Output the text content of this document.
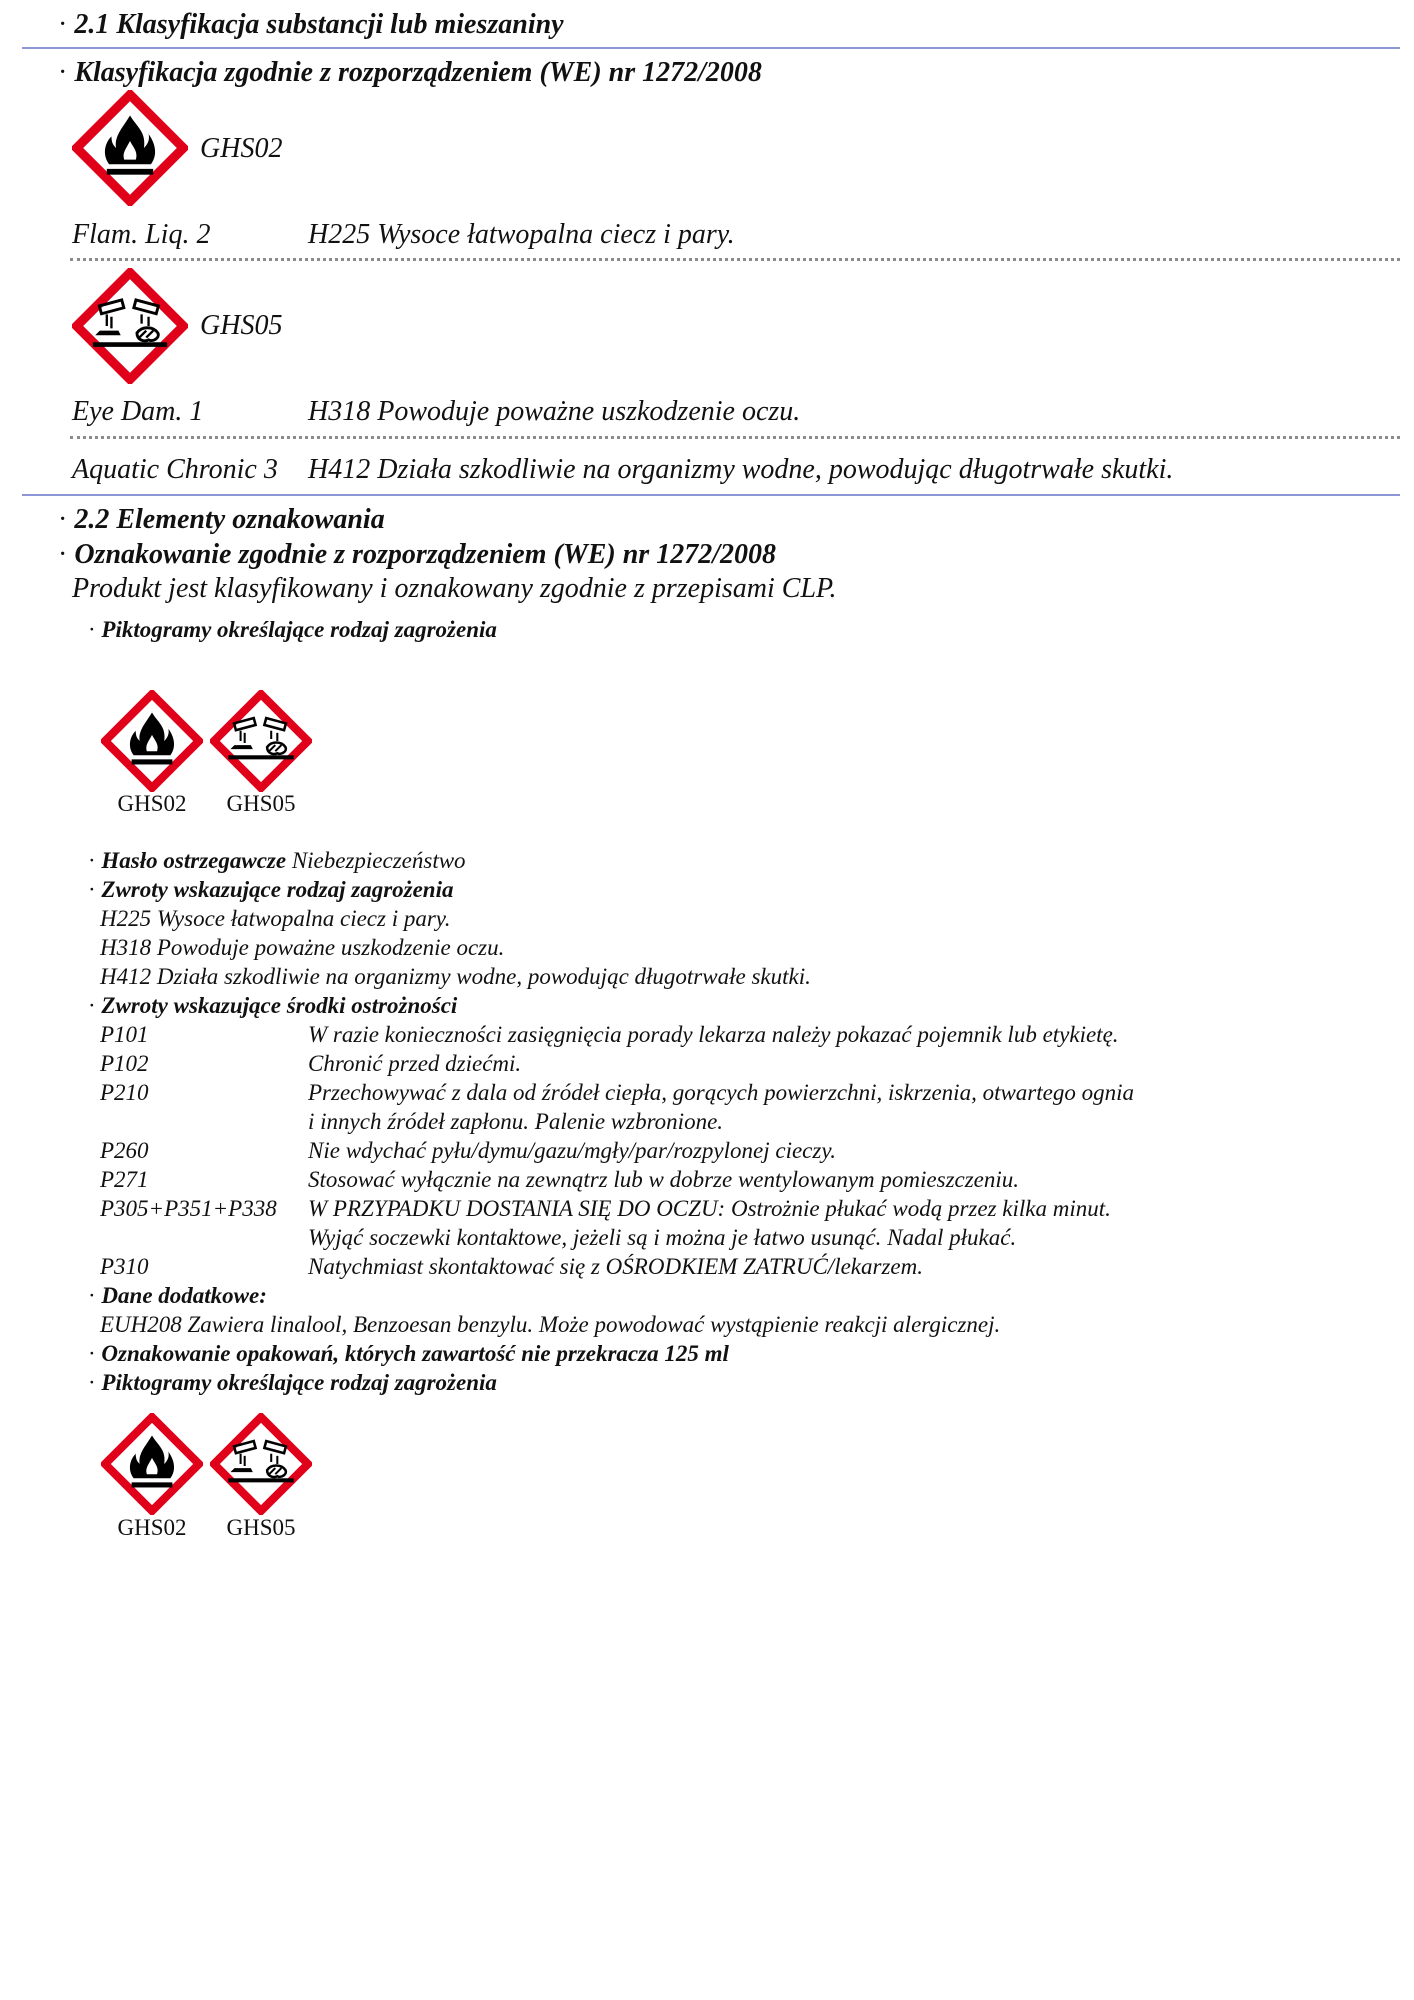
· 2.1 Klasyfikacja substancji lub mieszaniny
· Klasyfikacja zgodnie z rozporządzeniem (WE) nr 1272/2008
GHS02
Flam. Liq. 2	H225 Wysoce łatwopalna ciecz i pary.
GHS05
Eye Dam. 1	H318 Powoduje poważne uszkodzenie oczu.
Aquatic Chronic 3 H412 Działa szkodliwie na organizmy wodne, powodując długotrwałe skutki.
· 2.2 Elementy oznakowania
· Oznakowanie zgodnie z rozporządzeniem (WE) nr 1272/2008
Produkt jest klasyfikowany i oznakowany zgodnie z przepisami CLP.
· Piktogramy określające rodzaj zagrożenia
GHS02	GHS05
· Hasło ostrzegawcze Niebezpieczeństwo
· Zwroty wskazujące rodzaj zagrożenia
H225 Wysoce łatwopalna ciecz i pary.
H318 Powoduje poważne uszkodzenie oczu.
H412 Działa szkodliwie na organizmy wodne, powodując długotrwałe skutki.
· Zwroty wskazujące środki ostrożności
P101	W razie konieczności zasięgnięcia porady lekarza należy pokazać pojemnik lub etykietę.
P102	Chronić przed dziećmi.
P210	Przechowywać z dala od źródeł ciepła, gorących powierzchni, iskrzenia, otwartego ognia
i innych źródeł zapłonu. Palenie wzbronione.
P260	Nie wdychać pyłu/dymu/gazu/mgły/par/rozpylonej cieczy.
P271	Stosować wyłącznie na zewnątrz lub w dobrze wentylowanym pomieszczeniu.
P305+P351+P338 W PRZYPADKU DOSTANIA SIĘ DO OCZU: Ostrożnie płukać wodą przez kilka minut.
Wyjąć soczewki kontaktowe, jeżeli są i można je łatwo usunąć. Nadal płukać.
P310	Natychmiast skontaktować się z OŚRODKIEM ZATRUĆ/lekarzem.
· Dane dodatkowe:
EUH208 Zawiera linalool, Benzoesan benzylu. Może powodować wystąpienie reakcji alergicznej.
· Oznakowanie opakowań, których zawartość nie przekracza 125 ml
· Piktogramy określające rodzaj zagrożenia
GHS02	GHS05
